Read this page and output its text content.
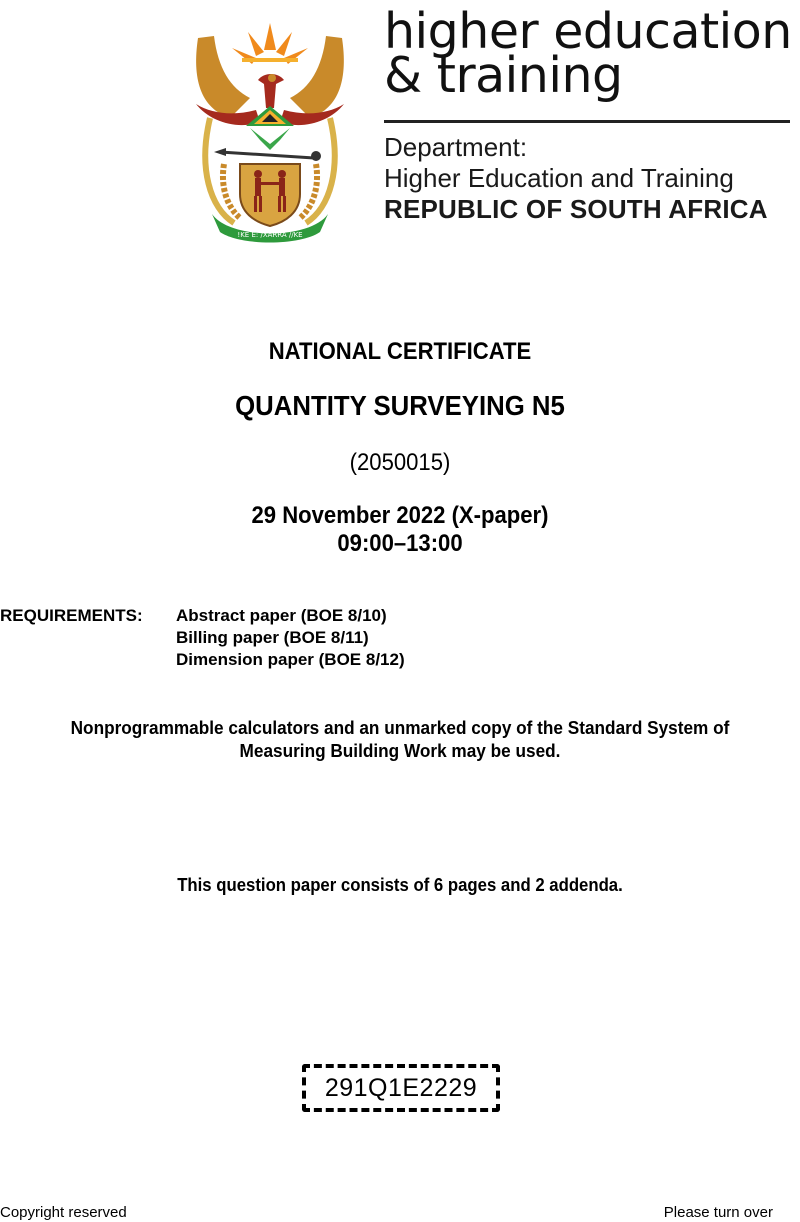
!KE E: /XARRA //KE
higher education
& training
Department:
Higher Education and Training
REPUBLIC OF SOUTH AFRICA
NATIONAL CERTIFICATE
QUANTITY SURVEYING N5
(2050015)
29 November 2022 (X-paper)
09:00–13:00
REQUIREMENTS: Abstract paper (BOE 8/10)
Billing paper (BOE 8/11)
Dimension paper (BOE 8/12)
Nonprogrammable calculators and an unmarked copy of the Standard System of
Measuring Building Work may be used.
This question paper consists of 6 pages and 2 addenda.
291Q1E2229
Copyright reserved	Please turn over
